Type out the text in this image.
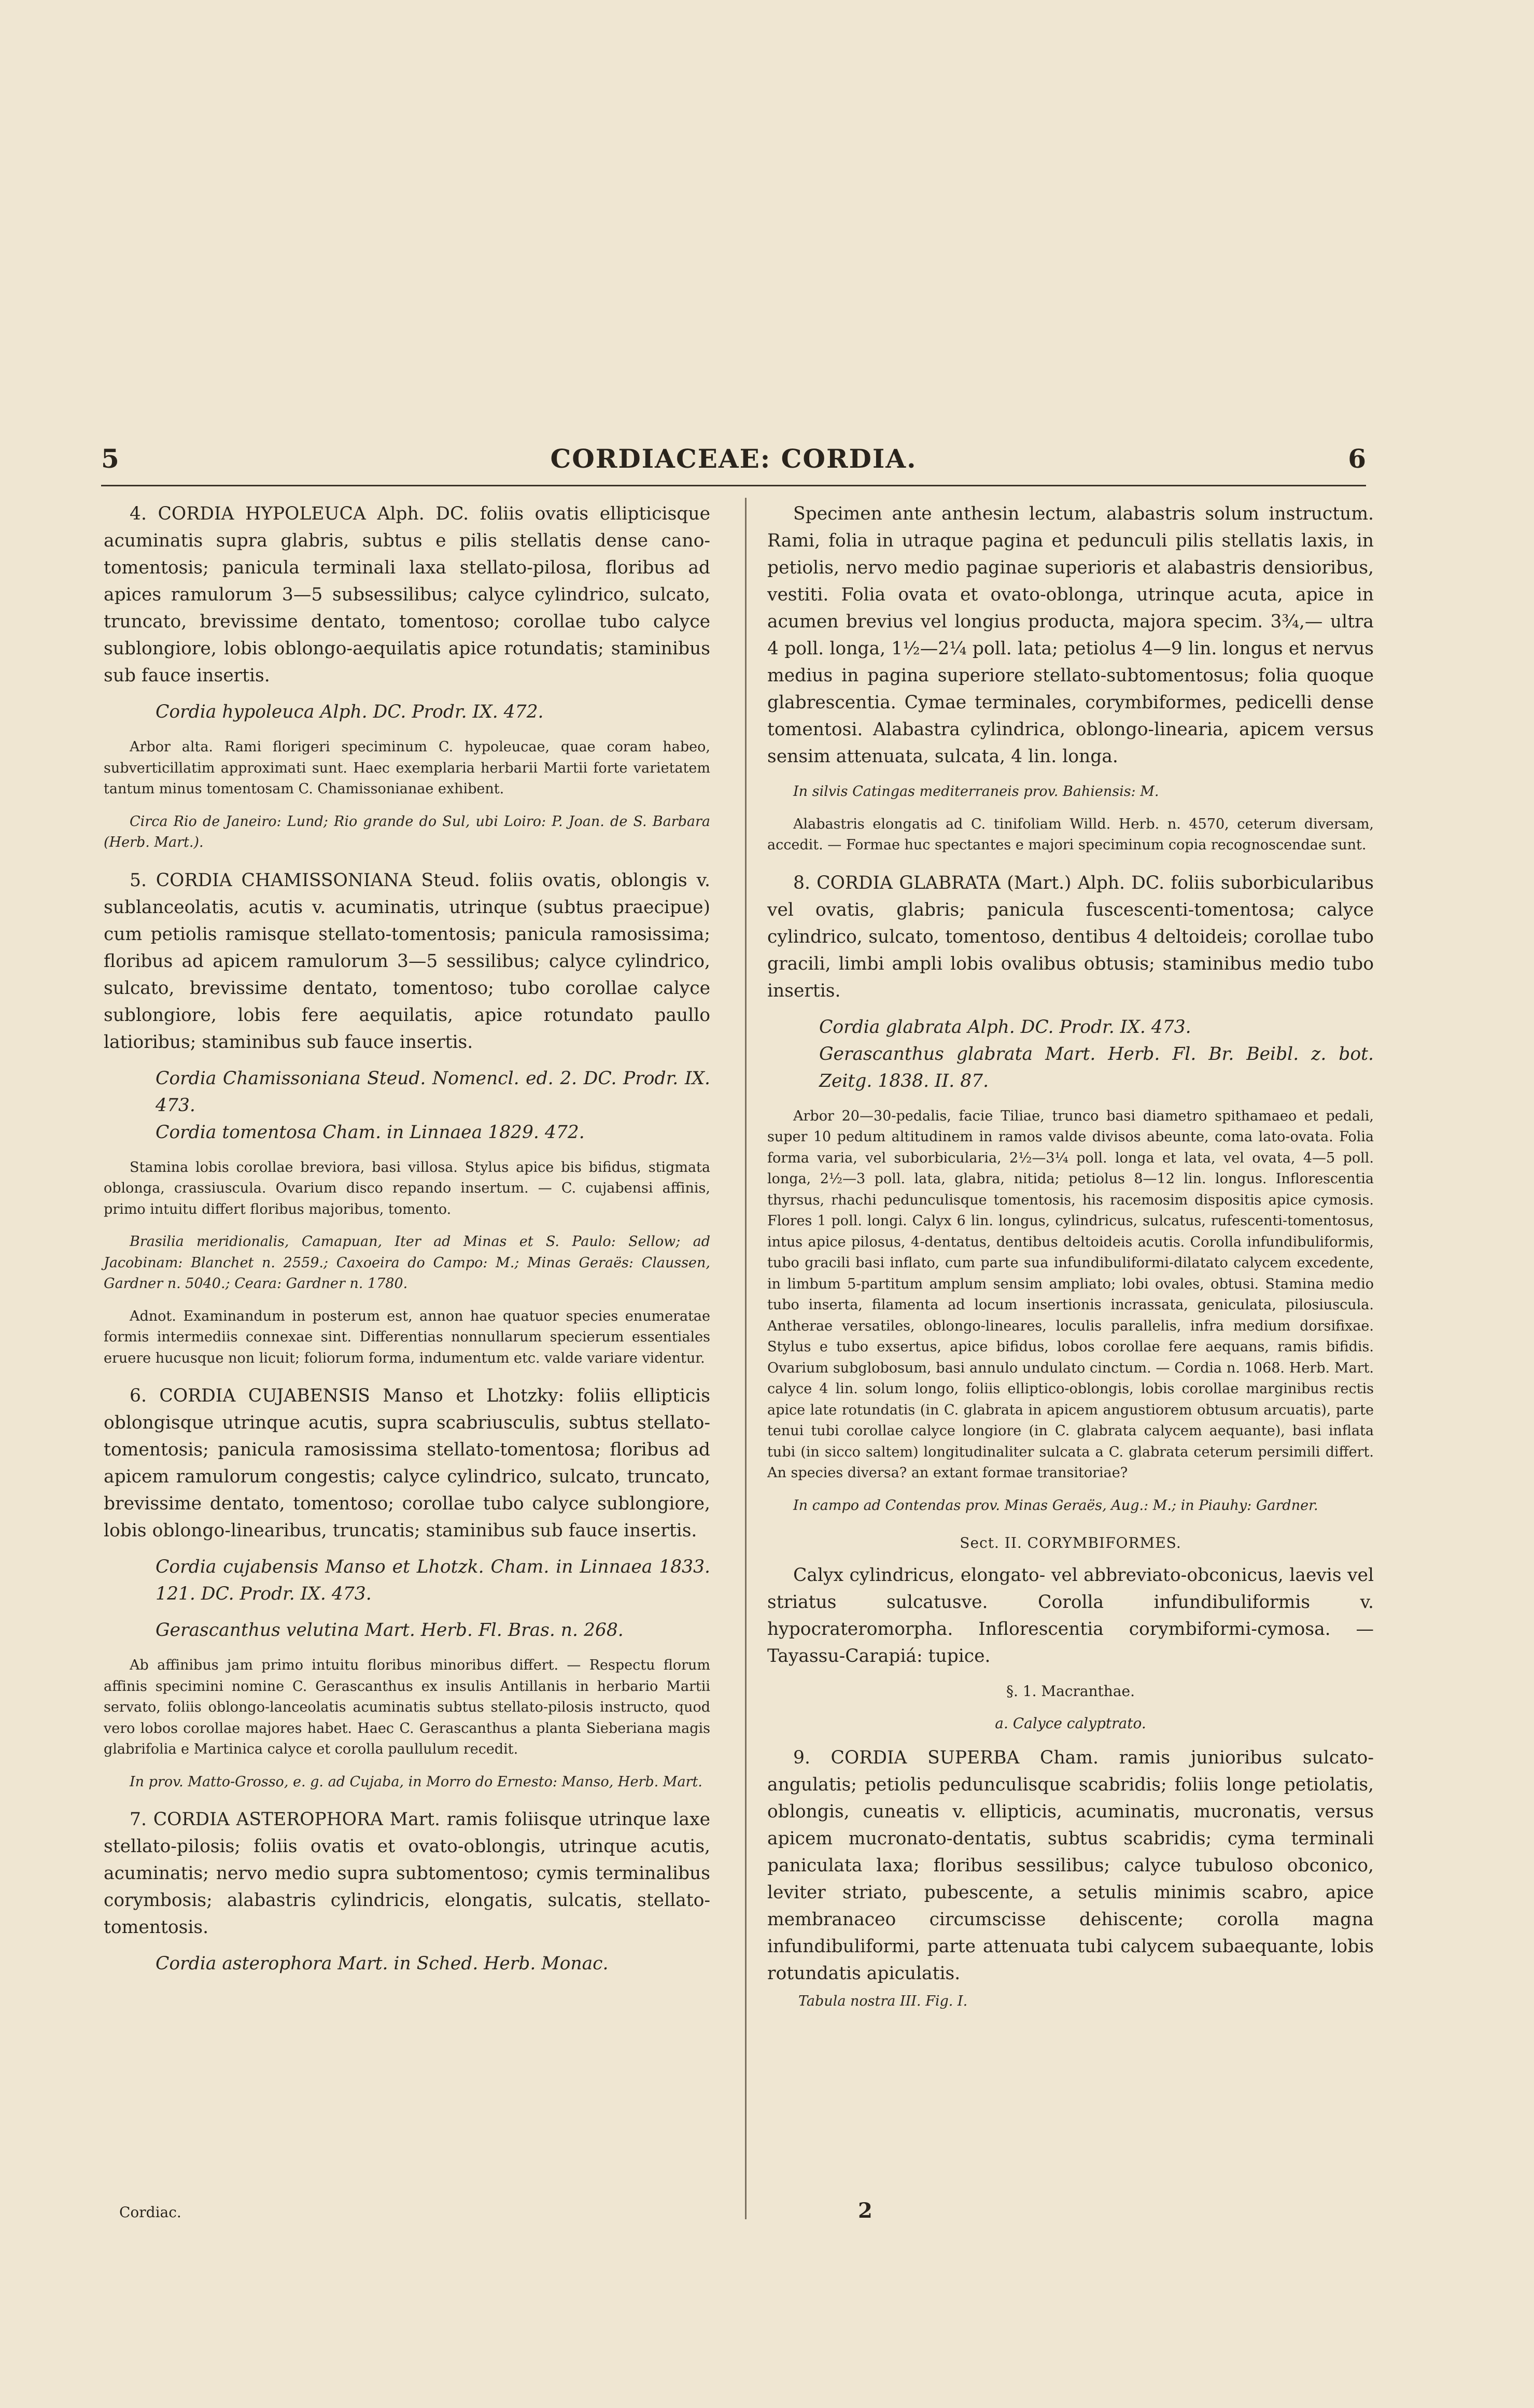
5	CORDIACEAE: CORDIA.	6

4. CORDIA HYPOLEUCA Alph. DC. foliis ovatis ellipticisque acuminatis supra glabris, subtus e pilis stellatis dense cano-tomentosis; panicula terminali laxa stellato-pilosa, floribus ad apices ramulorum 3—5 subsessilibus; calyce cylindrico, sulcato, truncato, brevissime dentato, tomentoso; corollae tubo calyce sublongiore, lobis oblongo-aequilatis apice rotundatis; staminibus sub fauce insertis.

Cordia hypoleuca Alph. DC. Prodr. IX. 472.

Arbor alta. Rami florigeri speciminum C. hypoleucae, quae coram habeo, subverticillatim approximati sunt. Haec exemplaria herbarii Martii forte varietatem tantum minus tomentosam C. Chamissonianae exhibent.

Circa Rio de Janeiro: Lund; Rio grande do Sul, ubi Loiro: P. Joan. de S. Barbara (Herb. Mart.).

5. CORDIA CHAMISSONIANA Steud. foliis ovatis, oblongis v. sublanceolatis, acutis v. acuminatis, utrinque (subtus praecipue) cum petiolis ramisque stellato-tomentosis; panicula ramosissima; floribus ad apicem ramulorum 3—5 sessilibus; calyce cylindrico, sulcato, brevissime dentato, tomentoso; tubo corollae calyce sublongiore, lobis fere aequilatis, apice rotundato paullo latioribus; staminibus sub fauce insertis.

Cordia Chamissoniana Steud. Nomencl. ed. 2. DC. Prodr. IX. 473.

Cordia tomentosa Cham. in Linnaea 1829. 472.

Stamina lobis corollae breviora, basi villosa. Stylus apice bis bifidus, stigmata oblonga, crassiuscula. Ovarium disco repando insertum. — C. cujabensi affinis, primo intuitu differt floribus majoribus, tomento.

Brasilia meridionalis, Camapuan, Iter ad Minas et S. Paulo: Sellow; ad Jacobinam: Blanchet n. 2559.; Caxoeira do Campo: M.; Minas Geraës: Claussen, Gardner n. 5040.; Ceara: Gardner n. 1780.

Adnot. Examinandum in posterum est, annon hae quatuor species enumeratae formis intermediis connexae sint. Differentias nonnullarum specierum essentiales eruere hucusque non licuit; foliorum forma, indumentum etc. valde variare videntur.

6. CORDIA CUJABENSIS Manso et Lhotzky: foliis ellipticis oblongisque utrinque acutis, supra scabriusculis, subtus stellato-tomentosis; panicula ramosissima stellato-tomentosa; floribus ad apicem ramulorum congestis; calyce cylindrico, sulcato, truncato, brevissime dentato, tomentoso; corollae tubo calyce sublongiore, lobis oblongo-linearibus, truncatis; staminibus sub fauce insertis.

Cordia cujabensis Manso et Lhotzk. Cham. in Linnaea 1833. 121. DC. Prodr. IX. 473.

Gerascanthus velutina Mart. Herb. Fl. Bras. n. 268.

Ab affinibus jam primo intuitu floribus minoribus differt. — Respectu florum affinis specimini nomine C. Gerascanthus ex insulis Antillanis in herbario Martii servato, foliis oblongo-lanceolatis acuminatis subtus stellato-pilosis instructo, quod vero lobos corollae majores habet. Haec C. Gerascanthus a planta Sieberiana magis glabrifolia e Martinica calyce et corolla paullulum recedit.

In prov. Matto-Grosso, e. g. ad Cujaba, in Morro do Ernesto: Manso, Herb. Mart.

7. CORDIA ASTEROPHORA Mart. ramis foliisque utrinque laxe stellato-pilosis; foliis ovatis et ovato-oblongis, utrinque acutis, acuminatis; nervo medio supra subtomentoso; cymis terminalibus corymbosis; alabastris cylindricis, elongatis, sulcatis, stellato-tomentosis.

Cordia asterophora Mart. in Sched. Herb. Monac.

Specimen ante anthesin lectum, alabastris solum instructum. Rami, folia in utraque pagina et pedunculi pilis stellatis laxis, in petiolis, nervo medio paginae superioris et alabastris densioribus, vestiti. Folia ovata et ovato-oblonga, utrinque acuta, apice in acumen brevius vel longius producta, majora specim. 3¾,— ultra 4 poll. longa, 1½—2¼ poll. lata; petiolus 4—9 lin. longus et nervus medius in pagina superiore stellato-subtomentosus; folia quoque glabrescentia. Cymae terminales, corymbiformes, pedicelli dense tomentosi. Alabastra cylindrica, oblongo-linearia, apicem versus sensim attenuata, sulcata, 4 lin. longa.

In silvis Catingas mediterraneis prov. Bahiensis: M.

Alabastris elongatis ad C. tinifoliam Willd. Herb. n. 4570, ceterum diversam, accedit. — Formae huc spectantes e majori speciminum copia recognoscendae sunt.

8. CORDIA GLABRATA (Mart.) Alph. DC. foliis suborbicularibus vel ovatis, glabris; panicula fuscescenti-tomentosa; calyce cylindrico, sulcato, tomentoso, dentibus 4 deltoideis; corollae tubo gracili, limbi ampli lobis ovalibus obtusis; staminibus medio tubo insertis.

Cordia glabrata Alph. DC. Prodr. IX. 473.

Gerascanthus glabrata Mart. Herb. Fl. Br. Beibl. z. bot. Zeitg. 1838. II. 87.

Arbor 20—30-pedalis, facie Tiliae, trunco basi diametro spithamaeo et pedali, super 10 pedum altitudinem in ramos valde divisos abeunte, coma lato-ovata. Folia forma varia, vel suborbicularia, 2½—3¼ poll. longa et lata, vel ovata, 4—5 poll. longa, 2½—3 poll. lata, glabra, nitida; petiolus 8—12 lin. longus. Inflorescentia thyrsus, rhachi pedunculisque tomentosis, his racemosim dispositis apice cymosis. Flores 1 poll. longi. Calyx 6 lin. longus, cylindricus, sulcatus, rufescenti-tomentosus, intus apice pilosus, 4-dentatus, dentibus deltoideis acutis. Corolla infundibuliformis, tubo gracili basi inflato, cum parte sua infundibuliformi-dilatato calycem excedente, in limbum 5-partitum amplum sensim ampliato; lobi ovales, obtusi. Stamina medio tubo inserta, filamenta ad locum insertionis incrassata, geniculata, pilosiuscula. Antherae versatiles, oblongo-lineares, loculis parallelis, infra medium dorsifixae. Stylus e tubo exsertus, apice bifidus, lobos corollae fere aequans, ramis bifidis. Ovarium subglobosum, basi annulo undulato cinctum. — Cordia n. 1068. Herb. Mart. calyce 4 lin. solum longo, foliis elliptico-oblongis, lobis corollae marginibus rectis apice late rotundatis (in C. glabrata in apicem angustiorem obtusum arcuatis), parte tenui tubi corollae calyce longiore (in C. glabrata calycem aequante), basi inflata tubi (in sicco saltem) longitudinaliter sulcata a C. glabrata ceterum persimili differt. An species diversa? an extant formae transitoriae?

In campo ad Contendas prov. Minas Geraës, Aug.: M.; in Piauhy: Gardner.

Sect. II. CORYMBIFORMES.

Calyx cylindricus, elongato- vel abbreviato-obconicus, laevis vel striatus sulcatusve. Corolla infundibuliformis v. hypocrateromorpha. Inflorescentia corymbiformi-cymosa. — Tayassu-Carapiá: tupice.

§. 1. Macranthae.

a. Calyce calyptrato.

9. CORDIA SUPERBA Cham. ramis junioribus sulcato-angulatis; petiolis pedunculisque scabridis; foliis longe petiolatis, oblongis, cuneatis v. ellipticis, acuminatis, mucronatis, versus apicem mucronato-dentatis, subtus scabridis; cyma terminali paniculata laxa; floribus sessilibus; calyce tubuloso obconico, leviter striato, pubescente, a setulis minimis scabro, apice membranaceo circumscisse dehiscente; corolla magna infundibuliformi, parte attenuata tubi calycem subaequante, lobis rotundatis apiculatis.

Tabula nostra III. Fig. I.

Cordiac.	2
